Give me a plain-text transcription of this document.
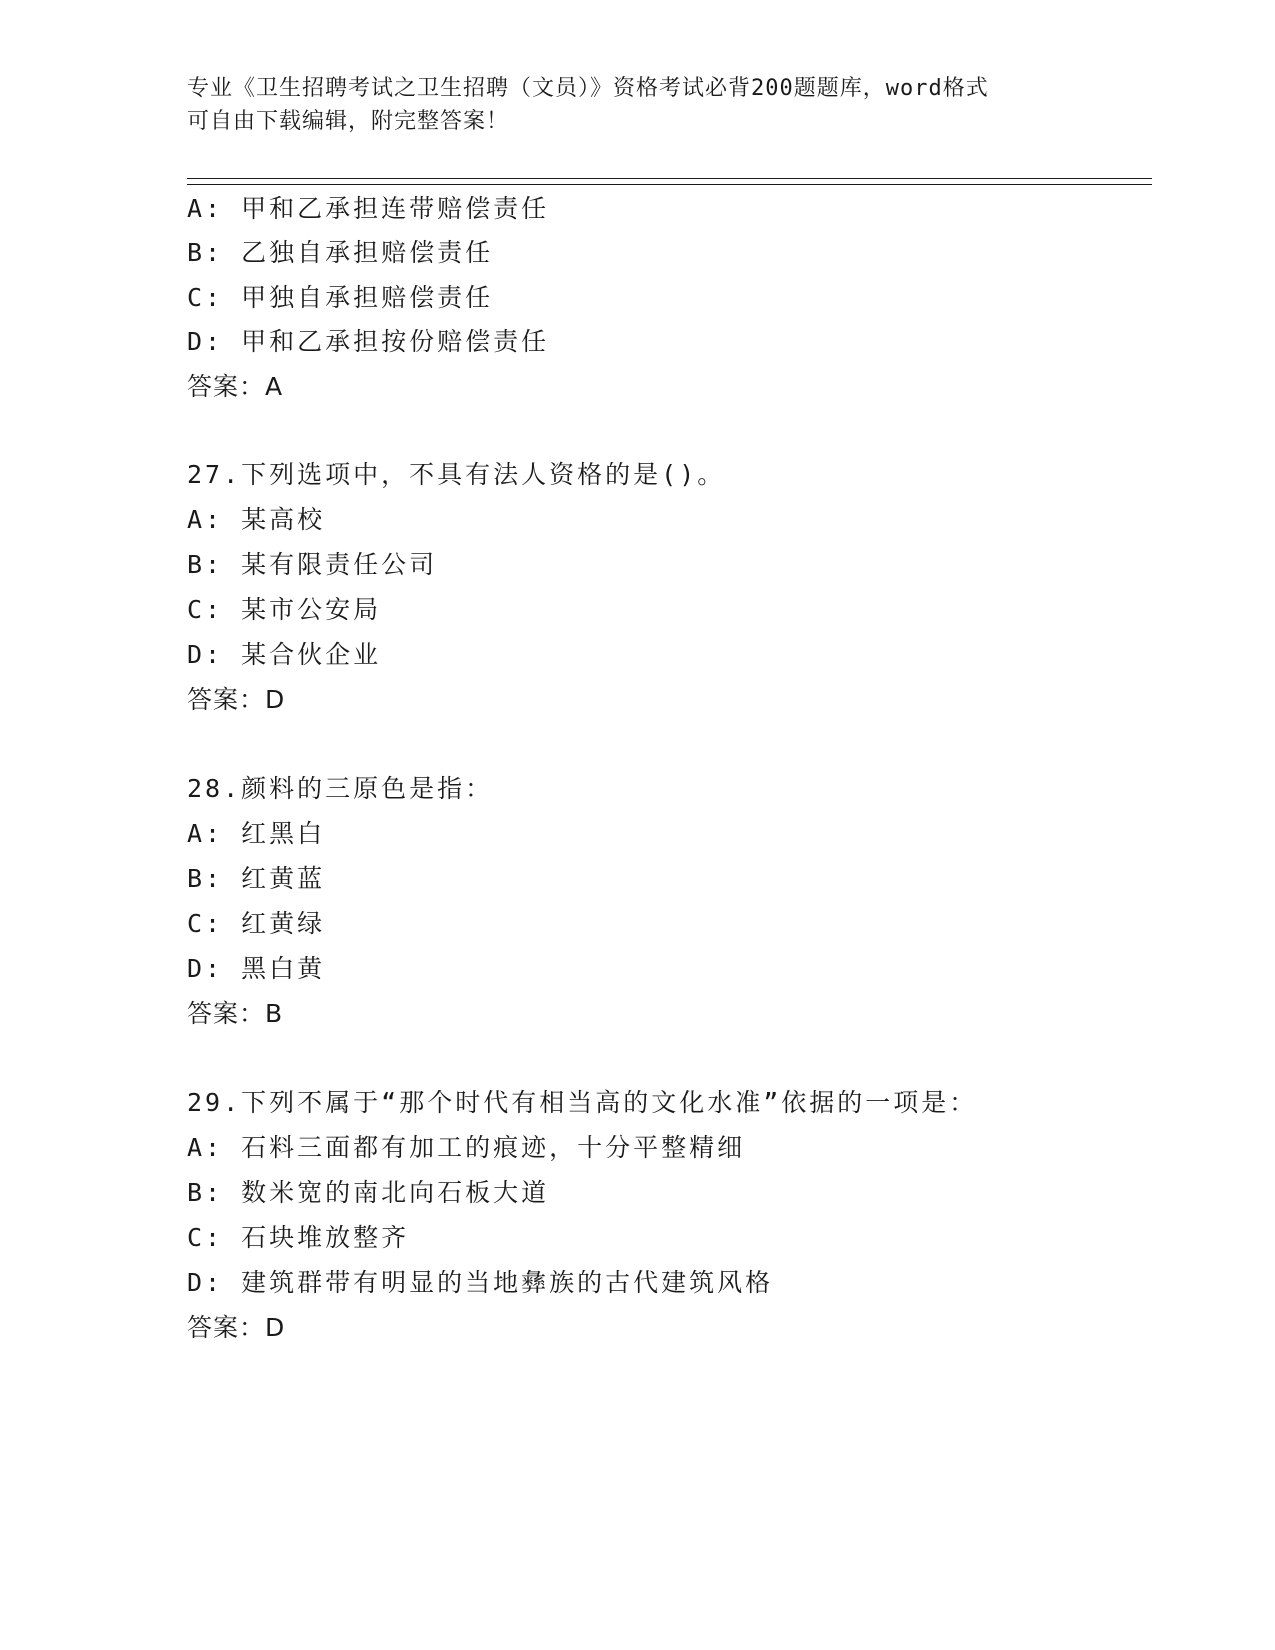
专业《卫生招聘考试之卫生招聘（文员）》资格考试必背200题题库，word格式
可自由下载编辑，附完整答案！
A: 甲和乙承担连带赔偿责任
B: 乙独自承担赔偿责任
C: 甲独自承担赔偿责任
D: 甲和乙承担按份赔偿责任
答案：A
27.下列选项中，不具有法人资格的是()。
A: 某高校
B: 某有限责任公司
C: 某市公安局
D: 某合伙企业
答案：D
28.颜料的三原色是指：
A: 红黑白
B: 红黄蓝
C: 红黄绿
D: 黑白黄
答案：B
29.下列不属于“那个时代有相当高的文化水准”依据的一项是：
A: 石料三面都有加工的痕迹，十分平整精细
B: 数米宽的南北向石板大道
C: 石块堆放整齐
D: 建筑群带有明显的当地彝族的古代建筑风格
答案：D
